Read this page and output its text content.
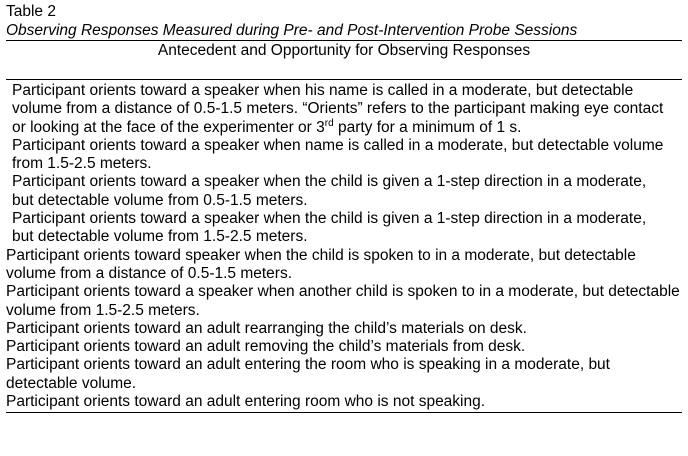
Table 2

Observing Responses Measured during Pre- and Post-Intervention Probe Sessions

Antecedent and Opportunity for Observing Responses

Participant orients toward a speaker when his name is called in a moderate, but detectable volume from a distance of 0.5-1.5 meters. “Orients” refers to the participant making eye contact or looking at the face of the experimenter or 3rd party for a minimum of 1 s.

Participant orients toward a speaker when name is called in a moderate, but detectable volume from 1.5-2.5 meters.

Participant orients toward a speaker when the child is given a 1-step direction in a moderate, but detectable volume from 0.5-1.5 meters.

Participant orients toward a speaker when the child is given a 1-step direction in a moderate, but detectable volume from 1.5-2.5 meters.

Participant orients toward speaker when the child is spoken to in a moderate, but detectable volume from a distance of 0.5-1.5 meters.

Participant orients toward a speaker when another child is spoken to in a moderate, but detectable volume from 1.5-2.5 meters.

Participant orients toward an adult rearranging the child’s materials on desk.

Participant orients toward an adult removing the child’s materials from desk.

Participant orients toward an adult entering the room who is speaking in a moderate, but detectable volume.

Participant orients toward an adult entering room who is not speaking.
